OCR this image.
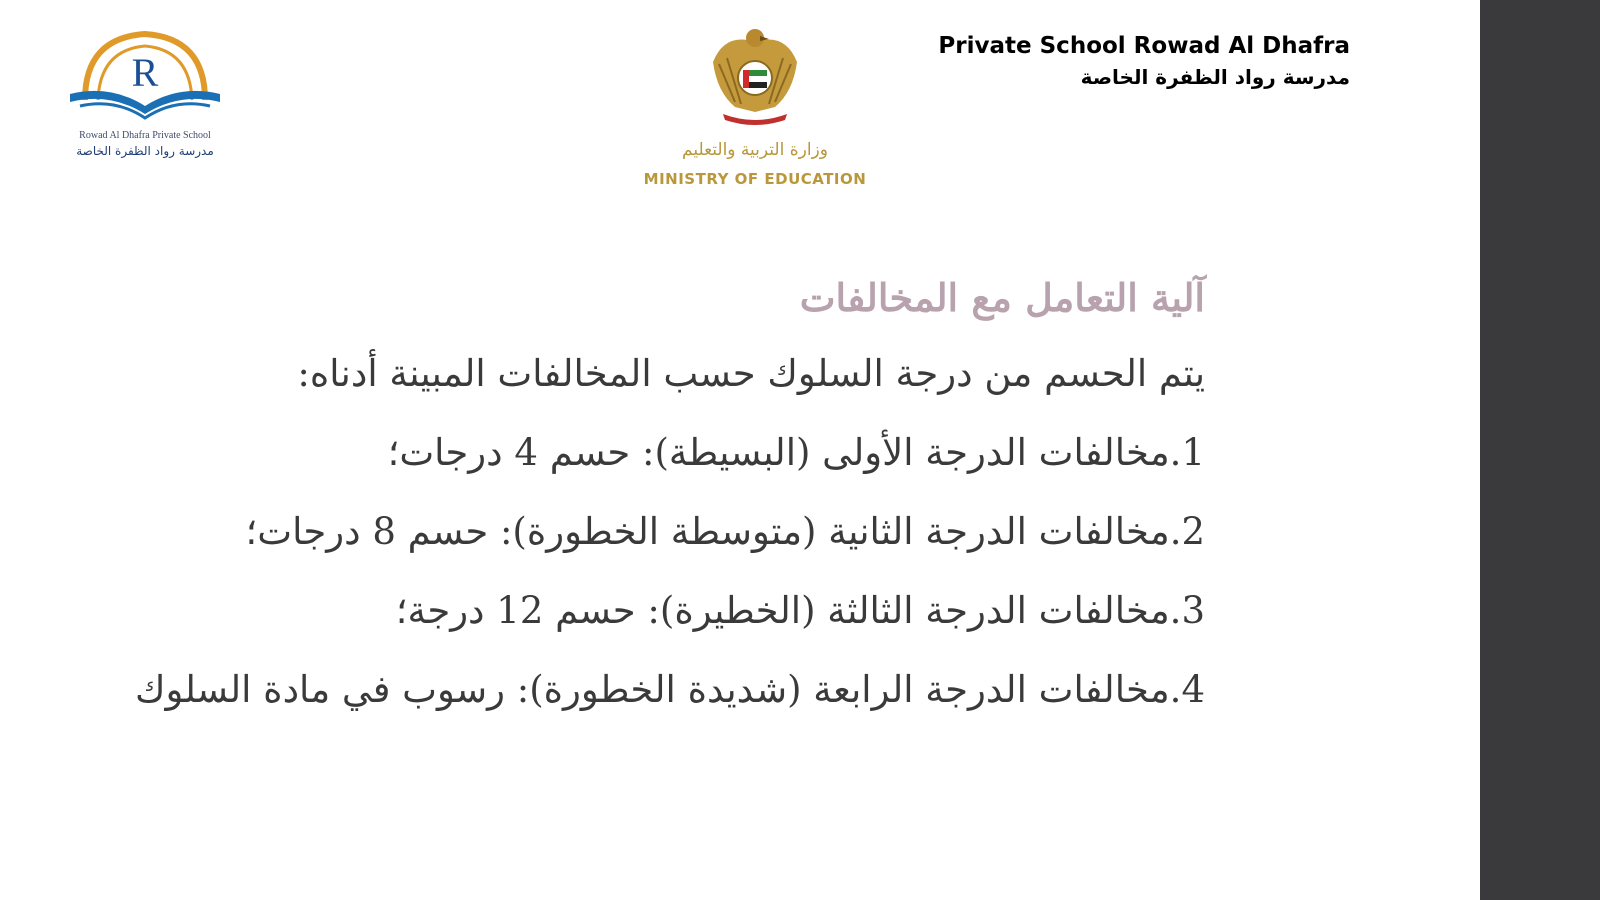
R
Rowad Al Dhafra Private School
مدرسة رواد الظفرة الخاصة	وزارة التربية والتعليم
MINISTRY OF EDUCATION
Private School Rowad Al Dhafra
مدرسة رواد الظفرة الخاصة
آلية التعامل مع المخالفات
يتم الحسم من درجة السلوك حسب المخالفات المبينة أدناه:
1.مخالفات الدرجة الأولى (البسيطة): حسم 4 درجات؛
2.مخالفات الدرجة الثانية (متوسطة الخطورة): حسم 8 درجات؛
3.مخالفات الدرجة الثالثة (الخطيرة): حسم 12 درجة؛
4.مخالفات الدرجة الرابعة (شديدة الخطورة): رسوب في مادة السلوك
